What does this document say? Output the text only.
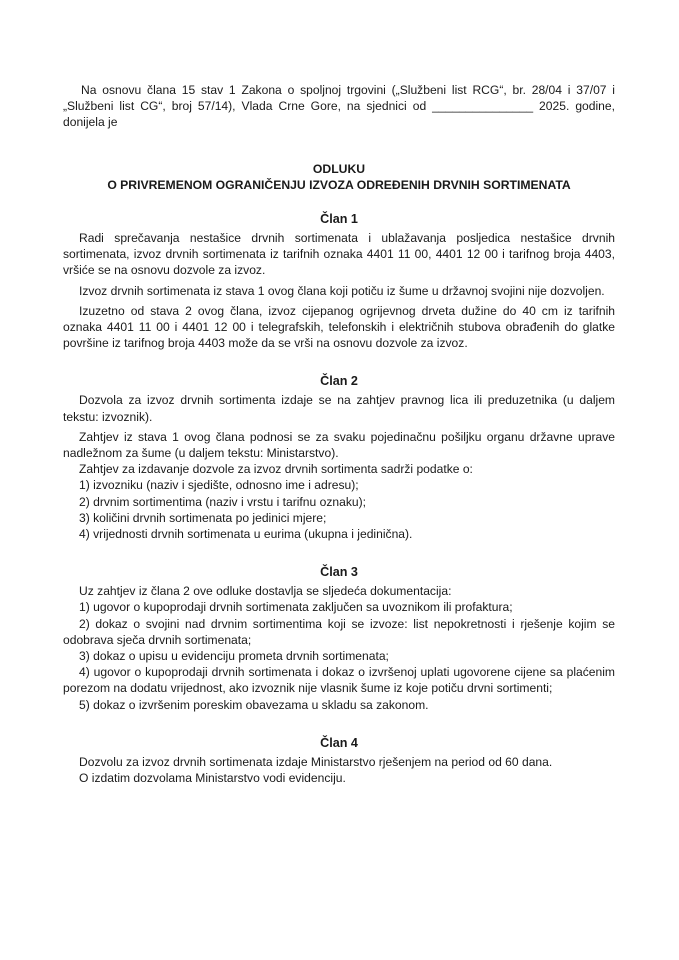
Na osnovu člana 15 stav 1 Zakona o spoljnoj trgovini („Službeni list RCG“, br. 28/04 i 37/07 i „Službeni list CG“, broj 57/14), Vlada Crne Gore, na sjednici od _______________ 2025. godine, donijela je

ODLUKU

O PRIVREMENOM OGRANIČENJU IZVOZA ODREĐENIH DRVNIH SORTIMENATA

Član 1

Radi sprečavanja nestašice drvnih sortimenata i ublažavanja posljedica nestašice drvnih sortimenata, izvoz drvnih sortimenata iz tarifnih oznaka 4401 11 00, 4401 12 00 i tarifnog broja 4403, vršiće se na osnovu dozvole za izvoz.

Izvoz drvnih sortimenata iz stava 1 ovog člana koji potiču iz šume u državnoj svojini nije dozvoljen.

Izuzetno od stava 2 ovog člana, izvoz cijepanog ogrijevnog drveta dužine do 40 cm iz tarifnih oznaka 4401 11 00 i 4401 12 00 i telegrafskih, telefonskih i električnih stubova obrađenih do glatke površine iz tarifnog broja 4403 može da se vrši na osnovu dozvole za izvoz.

Član 2

Dozvola za izvoz drvnih sortimenta izdaje se na zahtjev pravnog lica ili preduzetnika (u daljem tekstu: izvoznik).

Zahtjev iz stava 1 ovog člana podnosi se za svaku pojedinačnu pošiljku organu državne uprave nadležnom za šume (u daljem tekstu: Ministarstvo).

Zahtjev za izdavanje dozvole za izvoz drvnih sortimenta sadrži podatke o:

1) izvozniku (naziv i sjedište, odnosno ime i adresu);

2) drvnim sortimentima (naziv i vrstu i tarifnu oznaku);

3) količini drvnih sortimenata po jedinici mjere;

4) vrijednosti drvnih sortimenata u eurima (ukupna i jedinična).

Član 3

Uz zahtjev iz člana 2 ove odluke dostavlja se sljedeća dokumentacija:

1) ugovor o kupoprodaji drvnih sortimenata zaključen sa uvoznikom ili profaktura;

2) dokaz o svojini nad drvnim sortimentima koji se izvoze: list nepokretnosti i rješenje kojim se odobrava sječa drvnih sortimenata;

3) dokaz o upisu u evidenciju prometa drvnih sortimenata;

4) ugovor o kupoprodaji drvnih sortimenata i dokaz o izvršenoj uplati ugovorene cijene sa plaćenim porezom na dodatu vrijednost, ako izvoznik nije vlasnik šume iz koje potiču drvni sortimenti;

5) dokaz o izvršenim poreskim obavezama u skladu sa zakonom.

Član 4

Dozvolu za izvoz drvnih sortimenata izdaje Ministarstvo rješenjem na period od 60 dana.

O izdatim dozvolama Ministarstvo vodi evidenciju.
